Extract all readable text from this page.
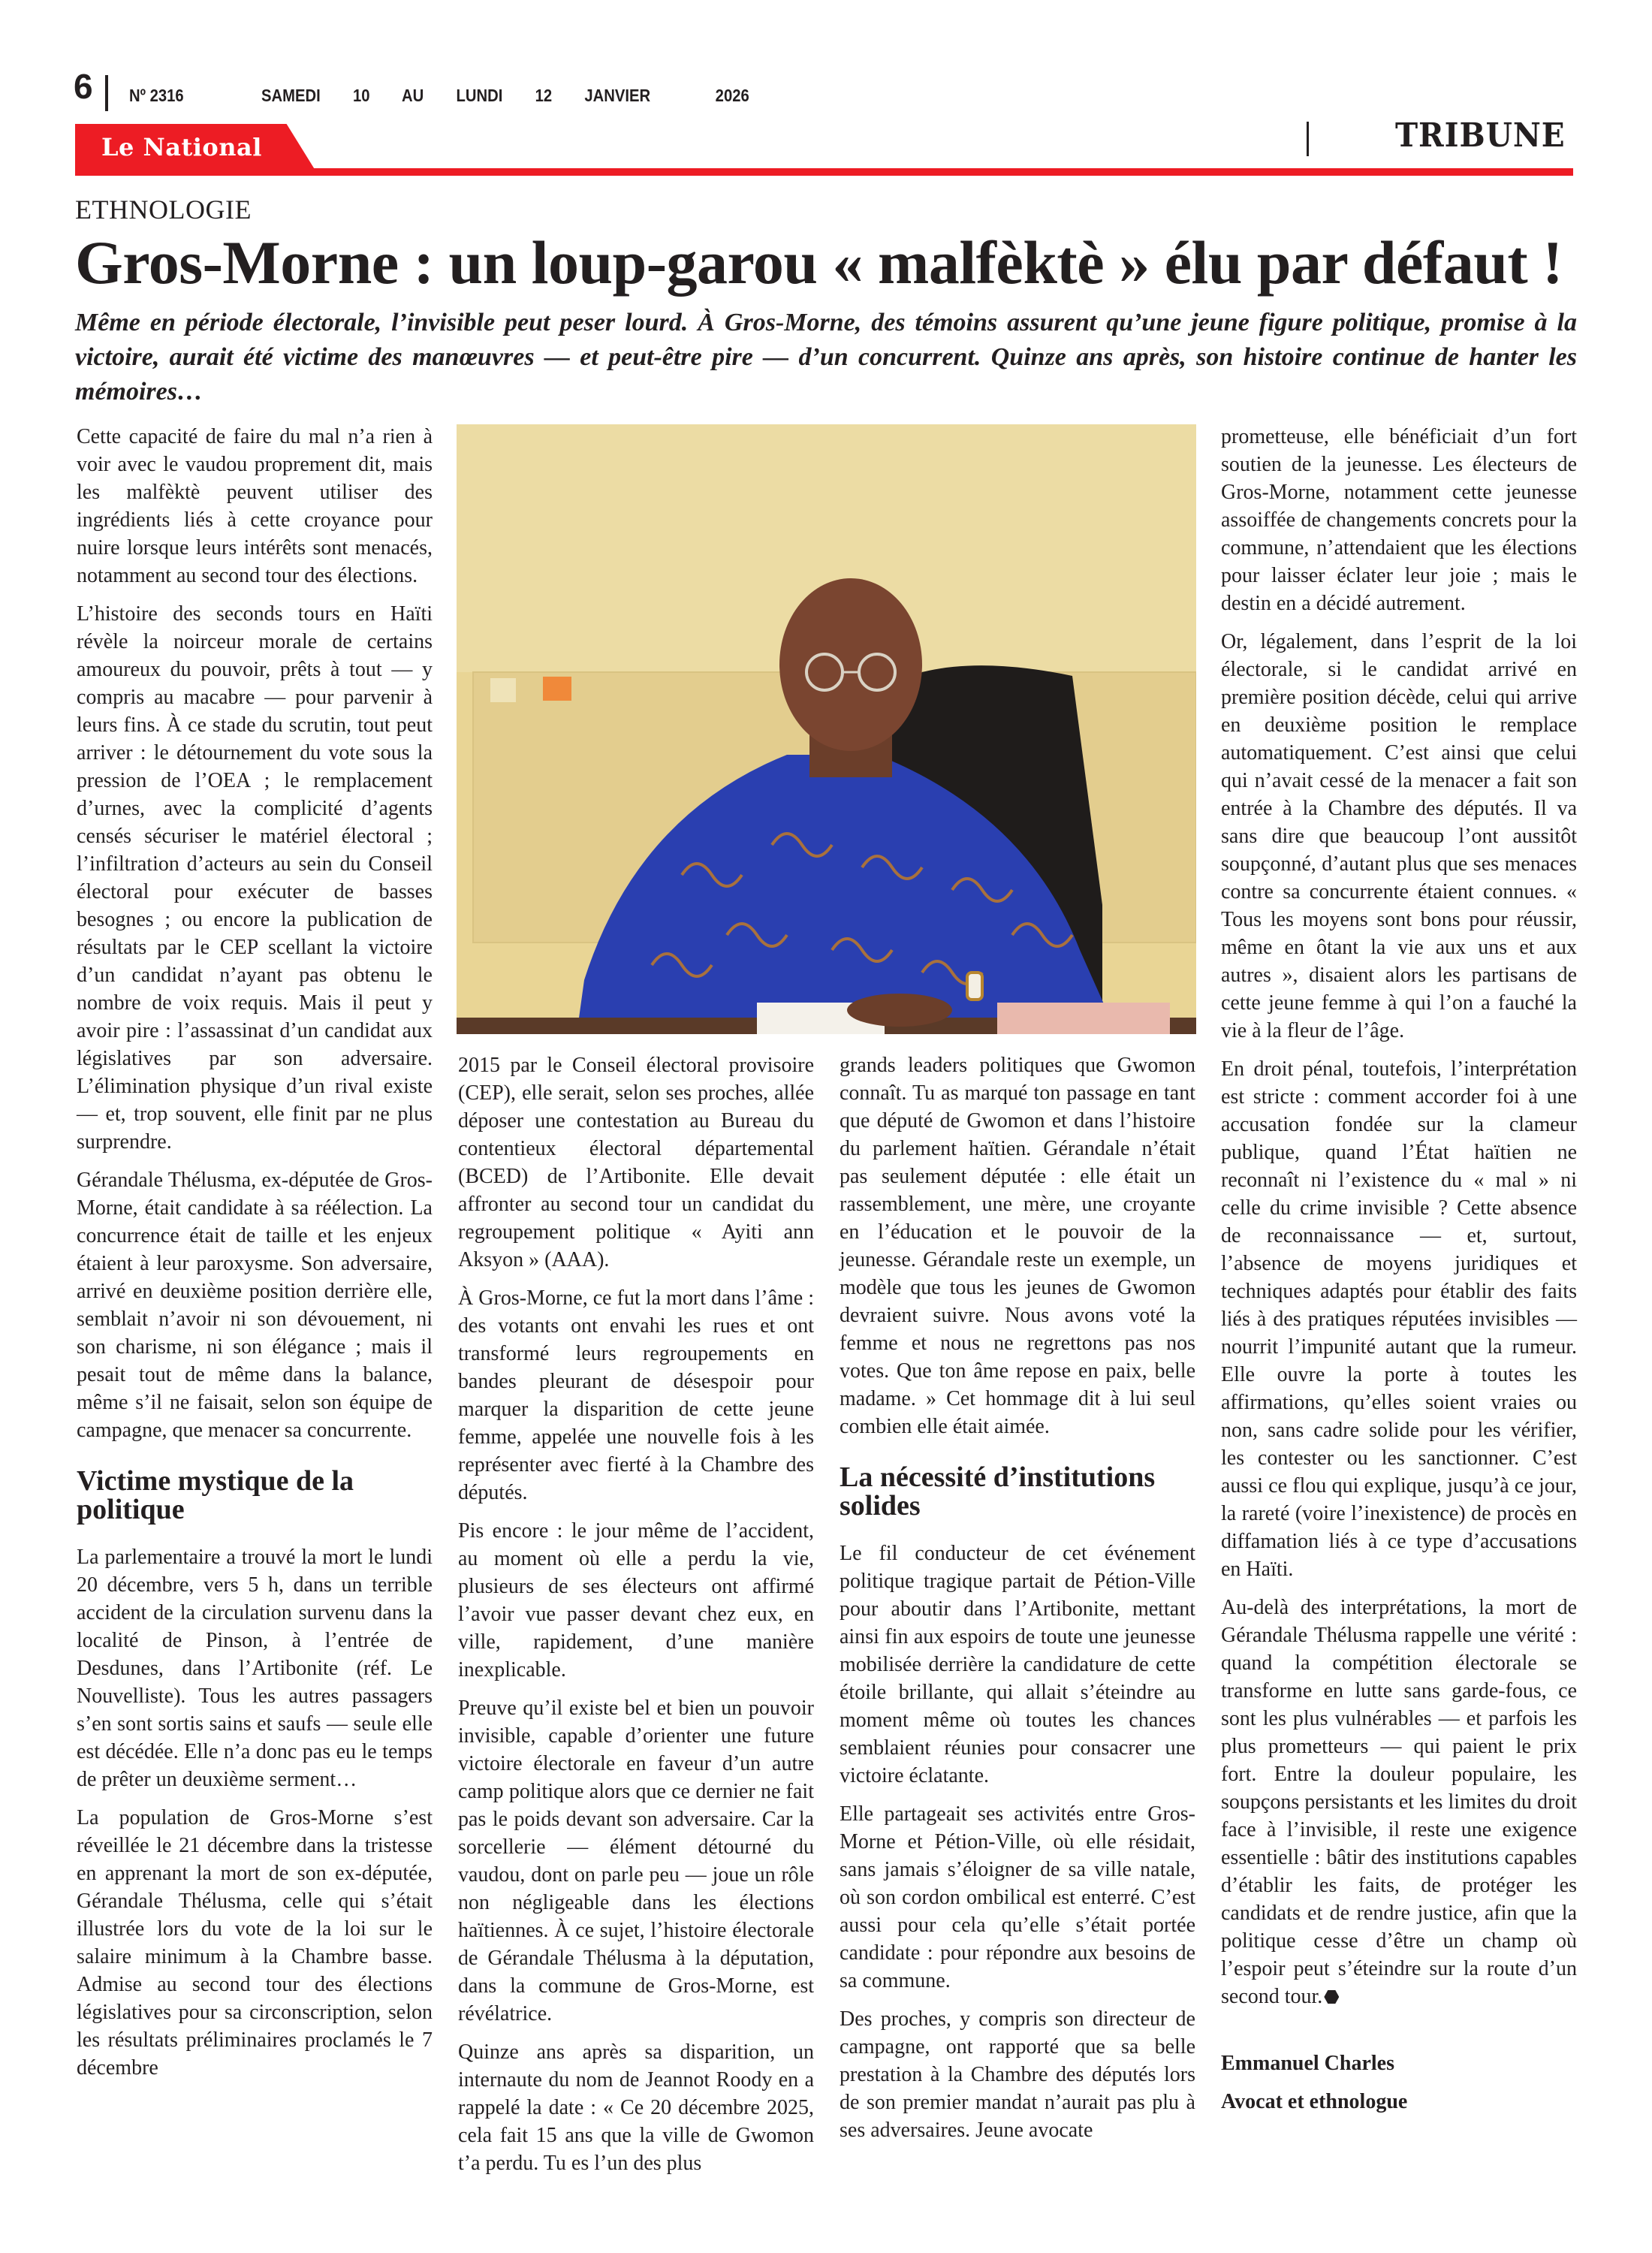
6 Nº 2316	SAMEDI   10   AU   LUNDI   12   JANVIER      2026
Le National	TRIBUNE
ETHNOLOGIE
Gros-Morne : un loup-garou « malfèktè » élu par défaut !
Même en période électorale, l’invisible peut peser lourd. À Gros-Morne, des témoins assurent qu’une jeune figure politique, promise à la victoire, aurait été victime des manœuvres — et peut-être pire — d’un concurrent. Quinze ans après, son histoire continue de hanter les mémoires…

Cette capacité de faire du mal n’a rien à voir avec le vaudou proprement dit, mais les malfèktè peuvent utiliser des ingrédients liés à cette croyance pour nuire lorsque leurs intérêts sont menacés, notamment au second tour des élections.

L’histoire des seconds tours en Haïti révèle la noirceur morale de certains amoureux du pouvoir, prêts à tout — y compris au macabre — pour parvenir à leurs fins. À ce stade du scrutin, tout peut arriver : le détournement du vote sous la pression de l’OEA ; le remplacement d’urnes, avec la complicité d’agents censés sécuriser le matériel électoral ; l’infiltration d’acteurs au sein du Conseil électoral pour exécuter de basses besognes ; ou encore la publication de résultats par le CEP scellant la victoire d’un candidat n’ayant pas obtenu le nombre de voix requis. Mais il peut y avoir pire : l’assassinat d’un candidat aux législatives par son adversaire. L’élimination physique d’un rival existe — et, trop souvent, elle finit par ne plus surprendre.

Gérandale Thélusma, ex-députée de Gros-Morne, était candidate à sa réélection. La concurrence était de taille et les enjeux étaient à leur paroxysme. Son adversaire, arrivé en deuxième position derrière elle, semblait n’avoir ni son dévouement, ni son charisme, ni son élégance ; mais il pesait tout de même dans la balance, même s’il ne faisait, selon son équipe de campagne, que menacer sa concurrente.

Victime mystique de la politique

La parlementaire a trouvé la mort le lundi 20 décembre, vers 5 h, dans un terrible accident de la circulation survenu dans la localité de Pinson, à l’entrée de Desdunes, dans l’Artibonite (réf. Le Nouvelliste). Tous les autres passagers s’en sont sortis sains et saufs — seule elle est décédée. Elle n’a donc pas eu le temps de prêter un deuxième serment…

La population de Gros-Morne s’est réveillée le 21 décembre dans la tristesse en apprenant la mort de son ex-députée, Gérandale Thélusma, celle qui s’était illustrée lors du vote de la loi sur le salaire minimum à la Chambre basse. Admise au second tour des élections législatives pour sa circonscription, selon les résultats préliminaires proclamés le 7 décembre

2015 par le Conseil électoral provisoire (CEP), elle serait, selon ses proches, allée déposer une contestation au Bureau du contentieux électoral départemental (BCED) de l’Artibonite. Elle devait affronter au second tour un candidat du regroupement politique « Ayiti ann Aksyon » (AAA).

À Gros-Morne, ce fut la mort dans l’âme : des votants ont envahi les rues et ont transformé leurs regroupements en bandes pleurant de désespoir pour marquer la disparition de cette jeune femme, appelée une nouvelle fois à les représenter avec fierté à la Chambre des députés.

Pis encore : le jour même de l’accident, au moment où elle a perdu la vie, plusieurs de ses électeurs ont affirmé l’avoir vue passer devant chez eux, en ville, rapidement, d’une manière inexplicable.

Preuve qu’il existe bel et bien un pouvoir invisible, capable d’orienter une future victoire électorale en faveur d’un autre camp politique alors que ce dernier ne fait pas le poids devant son adversaire. Car la sorcellerie — élément détourné du vaudou, dont on parle peu — joue un rôle non négligeable dans les élections haïtiennes. À ce sujet, l’histoire électorale de Gérandale Thélusma à la députation, dans la commune de Gros-Morne, est révélatrice.

Quinze ans après sa disparition, un internaute du nom de Jeannot Roody en a rappelé la date : « Ce 20 décembre 2025, cela fait 15 ans que la ville de Gwomon t’a perdu. Tu es l’un des plus

grands leaders politiques que Gwomon connaît. Tu as marqué ton passage en tant que député de Gwomon et dans l’histoire du parlement haïtien. Gérandale n’était pas seulement députée : elle était un rassemblement, une mère, une croyante en l’éducation et le pouvoir de la jeunesse. Gérandale reste un exemple, un modèle que tous les jeunes de Gwomon devraient suivre. Nous avons voté la femme et nous ne regrettons pas nos votes. Que ton âme repose en paix, belle madame. » Cet hommage dit à lui seul combien elle était aimée.

La nécessité d’institutions solides

Le fil conducteur de cet événement politique tragique partait de Pétion-Ville pour aboutir dans l’Artibonite, mettant ainsi fin aux espoirs de toute une jeunesse mobilisée derrière la candidature de cette étoile brillante, qui allait s’éteindre au moment même où toutes les chances semblaient réunies pour consacrer une victoire éclatante.

Elle partageait ses activités entre Gros-Morne et Pétion-Ville, où elle résidait, sans jamais s’éloigner de sa ville natale, où son cordon ombilical est enterré. C’est aussi pour cela qu’elle s’était portée candidate : pour répondre aux besoins de sa commune.

Des proches, y compris son directeur de campagne, ont rapporté que sa belle prestation à la Chambre des députés lors de son premier mandat n’aurait pas plu à ses adversaires. Jeune avocate

prometteuse, elle bénéficiait d’un fort soutien de la jeunesse. Les électeurs de Gros-Morne, notamment cette jeunesse assoiffée de changements concrets pour la commune, n’attendaient que les élections pour laisser éclater leur joie ; mais le destin en a décidé autrement.

Or, légalement, dans l’esprit de la loi électorale, si le candidat arrivé en première position décède, celui qui arrive en deuxième position le remplace automatiquement. C’est ainsi que celui qui n’avait cessé de la menacer a fait son entrée à la Chambre des députés. Il va sans dire que beaucoup l’ont aussitôt soupçonné, d’autant plus que ses menaces contre sa concurrente étaient connues. « Tous les moyens sont bons pour réussir, même en ôtant la vie aux uns et aux autres », disaient alors les partisans de cette jeune femme à qui l’on a fauché la vie à la fleur de l’âge.

En droit pénal, toutefois, l’interprétation est stricte : comment accorder foi à une accusation fondée sur la clameur publique, quand l’État haïtien ne reconnaît ni l’existence du « mal » ni celle du crime invisible ? Cette absence de reconnaissance — et, surtout, l’absence de moyens juridiques et techniques adaptés pour établir des faits liés à des pratiques réputées invisibles — nourrit l’impunité autant que la rumeur. Elle ouvre la porte à toutes les affirmations, qu’elles soient vraies ou non, sans cadre solide pour les vérifier, les contester ou les sanctionner. C’est aussi ce flou qui explique, jusqu’à ce jour, la rareté (voire l’inexistence) de procès en diffamation liés à ce type d’accusations en Haïti.

Au-delà des interprétations, la mort de Gérandale Thélusma rappelle une vérité : quand la compétition électorale se transforme en lutte sans garde-fous, ce sont les plus vulnérables — et parfois les plus prometteurs — qui paient le prix fort. Entre la douleur populaire, les soupçons persistants et les limites du droit face à l’invisible, il reste une exigence essentielle : bâtir des institutions capables d’établir les faits, de protéger les candidats et de rendre justice, afin que la politique cesse d’être un champ où l’espoir peut s’éteindre sur la route d’un second tour.

Emmanuel Charles

Avocat et ethnologue
